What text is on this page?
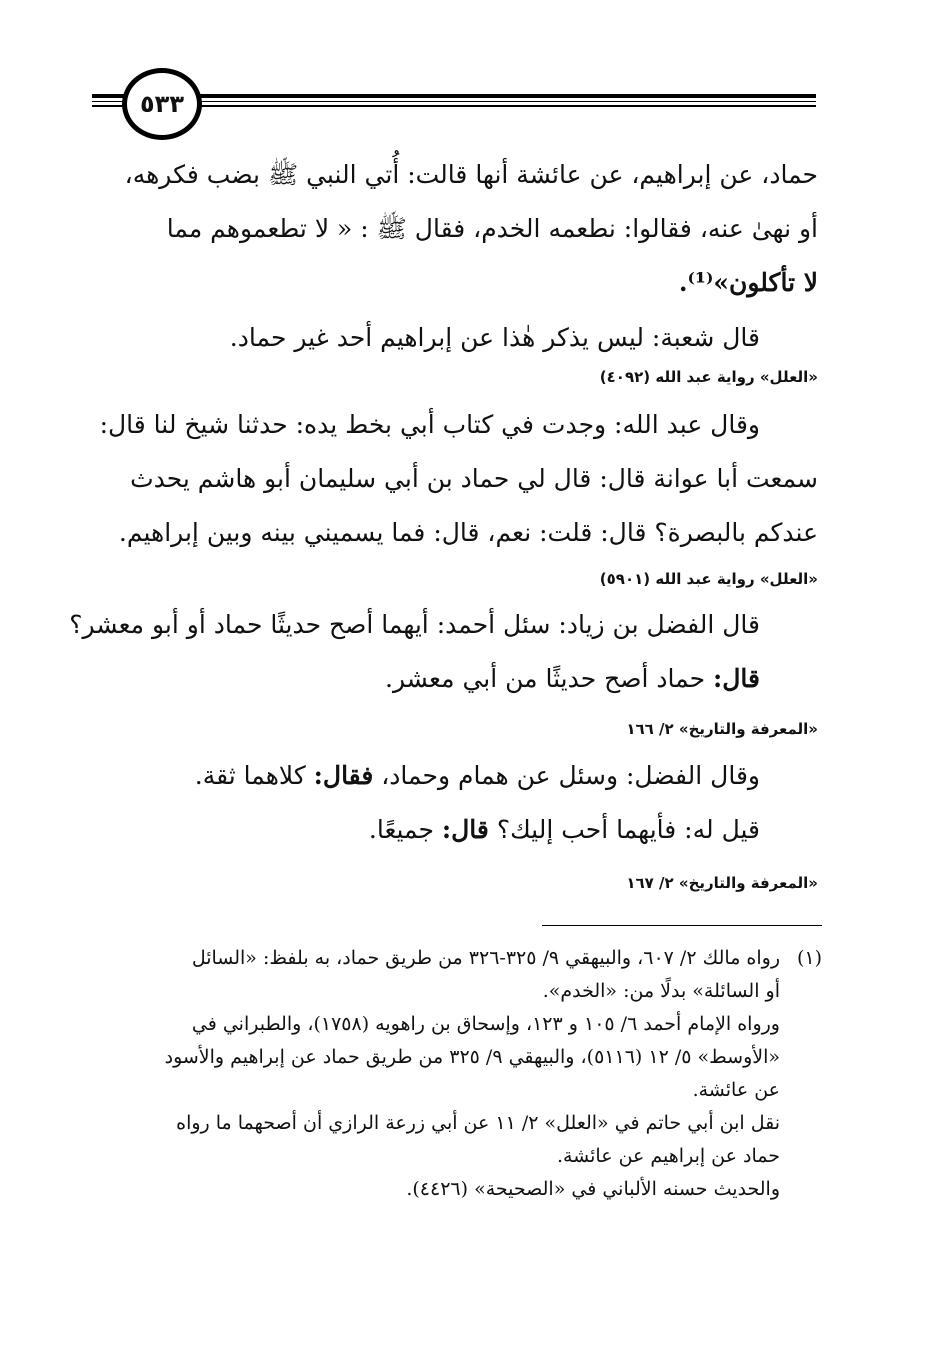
٥٣٣
حماد، عن إبراهيم، عن عائشة أنها قالت: أُتي النبي ﷺ بضب فكرهه،
أو نهىٰ عنه، فقالوا: نطعمه الخدم، فقال ﷺ : « لا تطعموهم مما
لا تأكلون»⁽¹⁾.
قال شعبة: ليس يذكر هٰذا عن إبراهيم أحد غير حماد.
«العلل» رواية عبد الله (٤٠٩٢)
وقال عبد الله: وجدت في كتاب أبي بخط يده: حدثنا شيخ لنا قال:
سمعت أبا عوانة قال: قال لي حماد بن أبي سليمان أبو هاشم يحدث
عندكم بالبصرة؟ قال: قلت: نعم، قال: فما يسميني بينه وبين إبراهيم.
«العلل» رواية عبد الله (٥٩٠١)
قال الفضل بن زياد: سئل أحمد: أيهما أصح حديثًا حماد أو أبو معشر؟
قال: حماد أصح حديثًا من أبي معشر.
«المعرفة والتاريخ» ٢/ ١٦٦
وقال الفضل: وسئل عن همام وحماد، فقال: كلاهما ثقة.
قيل له: فأيهما أحب إليك؟ قال: جميعًا.
«المعرفة والتاريخ» ٢/ ١٦٧
(١)
رواه مالك ٢/ ٦٠٧، والبيهقي ٩/ ٣٢٥-٣٢٦ من طريق حماد، به بلفظ: «السائل
أو السائلة» بدلًا من: «الخدم».
ورواه الإمام أحمد ٦/ ١٠٥ و ١٢٣، وإسحاق بن راهويه (١٧٥٨)، والطبراني في
«الأوسط» ٥/ ١٢ (٥١١٦)، والبيهقي ٩/ ٣٢٥ من طريق حماد عن إبراهيم والأسود
عن عائشة.
نقل ابن أبي حاتم في «العلل» ٢/ ١١ عن أبي زرعة الرازي أن أصحهما ما رواه
حماد عن إبراهيم عن عائشة.
والحديث حسنه الألباني في «الصحيحة» (٤٤٢٦).
